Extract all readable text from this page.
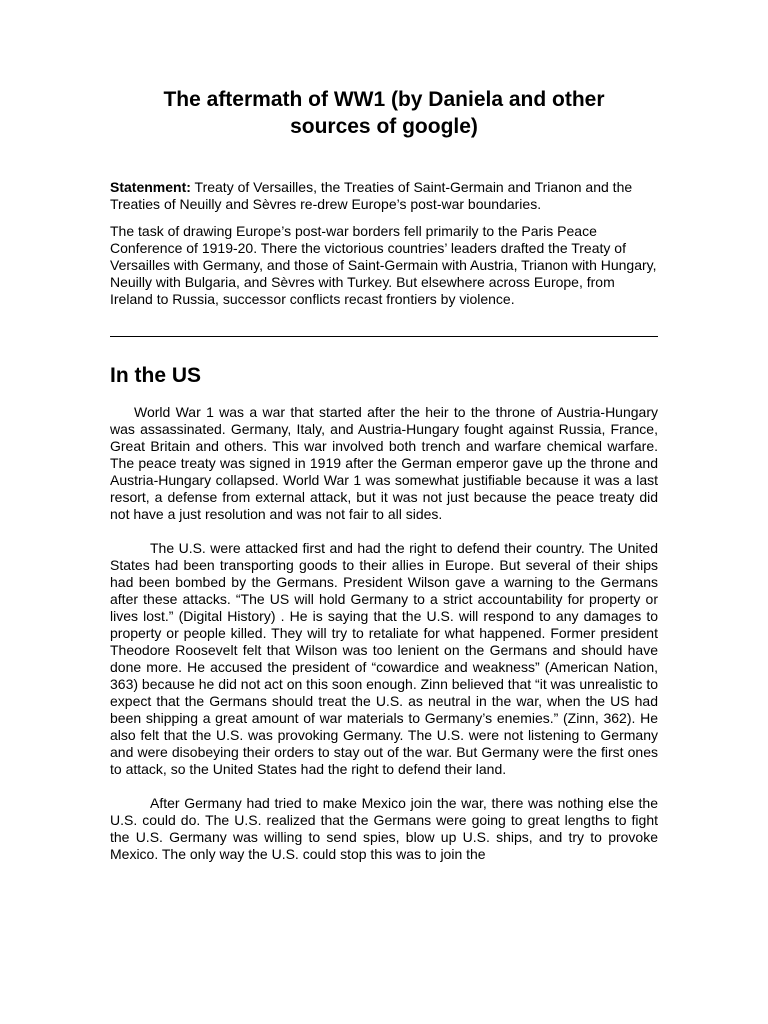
The aftermath of WW1 (by Daniela and other sources of google)

Statenment: Treaty of Versailles, the Treaties of Saint-Germain and Trianon and the Treaties of Neuilly and Sèvres re-drew Europe’s post-war boundaries.

The task of drawing Europe’s post-war borders fell primarily to the Paris Peace Conference of 1919-20. There the victorious countries’ leaders drafted the Treaty of Versailles with Germany, and those of Saint-Germain with Austria, Trianon with Hungary, Neuilly with Bulgaria, and Sèvres with Turkey. But elsewhere across Europe, from Ireland to Russia, successor conflicts recast frontiers by violence.

In the US

World War 1 was a war that started after the heir to the throne of Austria-Hungary was assassinated. Germany, Italy, and Austria-Hungary fought against Russia, France, Great Britain and others. This war involved both trench and warfare chemical warfare. The peace treaty was signed in 1919 after the German emperor gave up the throne and Austria-Hungary collapsed. World War 1 was somewhat justifiable because it was a last resort, a defense from external attack, but it was not just because the peace treaty did not have a just resolution and was not fair to all sides.

The U.S. were attacked first and had the right to defend their country. The United States had been transporting goods to their allies in Europe. But several of their ships had been bombed by the Germans. President Wilson gave a warning to the Germans after these attacks. “The US will hold Germany to a strict accountability for property or lives lost.” (Digital History) . He is saying that the U.S. will respond to any damages to property or people killed. They will try to retaliate for what happened. Former president Theodore Roosevelt felt that Wilson was too lenient on the Germans and should have done more. He accused the president of “cowardice and weakness” (American Nation, 363) because he did not act on this soon enough. Zinn believed that “it was unrealistic to expect that the Germans should treat the U.S. as neutral in the war, when the US had been shipping a great amount of war materials to Germany’s enemies.” (Zinn, 362). He also felt that the U.S. was provoking Germany. The U.S. were not listening to Germany and were disobeying their orders to stay out of the war. But Germany were the first ones to attack, so the United States had the right to defend their land.

After Germany had tried to make Mexico join the war, there was nothing else the U.S. could do. The U.S. realized that the Germans were going to great lengths to fight the U.S. Germany was willing to send spies, blow up U.S. ships, and try to provoke Mexico. The only way the U.S. could stop this was to join the
